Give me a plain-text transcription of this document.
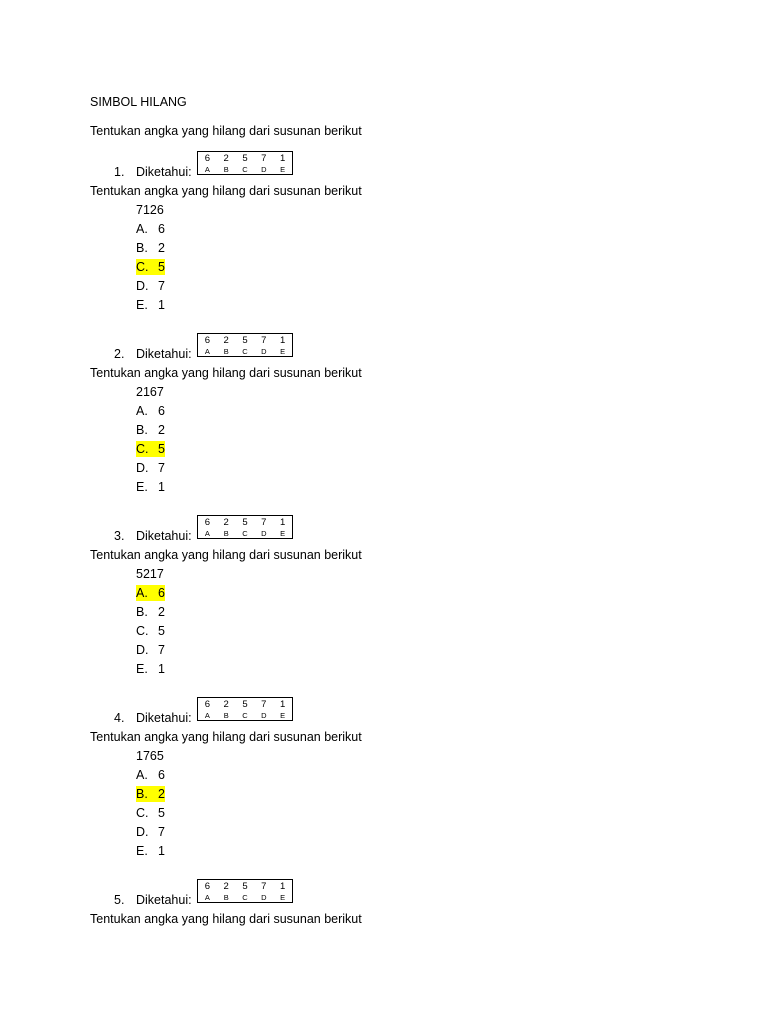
SIMBOL HILANG
Tentukan angka yang hilang dari susunan berikut
1. Diketahui:
6	2	5	7	1
A	B	C	D	E
Tentukan angka yang hilang dari susunan berikut
7126
A. 6
B. 2
C. 5
D. 7
E. 1
2. Diketahui:
6	2	5	7	1
A	B	C	D	E
Tentukan angka yang hilang dari susunan berikut
2167
A. 6
B. 2
C. 5
D. 7
E. 1
3. Diketahui:
6	2	5	7	1
A	B	C	D	E
Tentukan angka yang hilang dari susunan berikut
5217
A. 6
B. 2
C. 5
D. 7
E. 1
4. Diketahui:
6	2	5	7	1
A	B	C	D	E
Tentukan angka yang hilang dari susunan berikut
1765
A. 6
B. 2
C. 5
D. 7
E. 1
5. Diketahui:
6	2	5	7	1
A	B	C	D	E
Tentukan angka yang hilang dari susunan berikut
